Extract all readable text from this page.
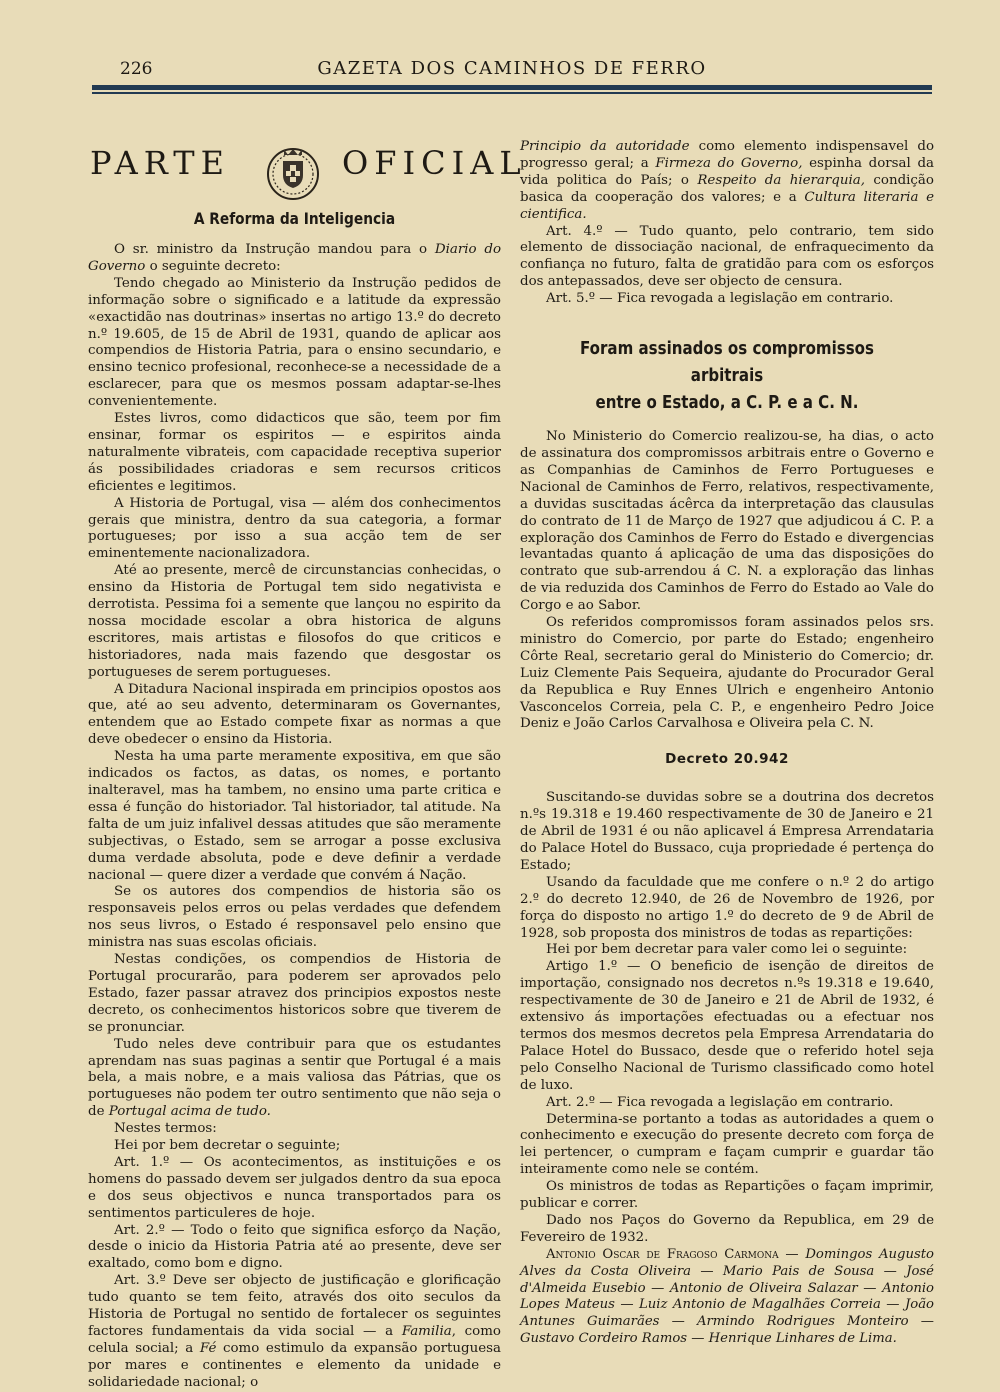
226	GAZETA DOS CAMINHOS DE FERRO
PARTE	OFICIAL
A Reforma da Inteligencia

O sr. ministro da Instrução mandou para o Diario do Governo o seguinte decreto:

Tendo chegado ao Ministerio da Instrução pedidos de informação sobre o significado e a latitude da expressão «exactidão nas doutrinas» insertas no artigo 13.º do decreto n.º 19.605, de 15 de Abril de 1931, quando de aplicar aos compendios de Historia Patria, para o ensino secundario, e ensino tecnico profesional, reconhece-se a necessidade de a esclarecer, para que os mesmos possam adaptar-se-lhes convenientemente.

Estes livros, como didacticos que são, teem por fim ensinar, formar os espiritos — e espiritos ainda naturalmente vibrateis, com capacidade receptiva superior ás possibilidades criadoras e sem recursos criticos eficientes e legitimos.

A Historia de Portugal, visa — além dos conhecimentos gerais que ministra, dentro da sua categoria, a formar portugueses; por isso a sua acção tem de ser eminentemente nacionalizadora.

Até ao presente, mercê de circunstancias conhecidas, o ensino da Historia de Portugal tem sido negativista e derrotista. Pessima foi a semente que lançou no espirito da nossa mocidade escolar a obra historica de alguns escritores, mais artistas e filosofos do que criticos e historiadores, nada mais fazendo que desgostar os portugueses de serem portugueses.

A Ditadura Nacional inspirada em principios opostos aos que, até ao seu advento, determinaram os Governantes, entendem que ao Estado compete fixar as normas a que deve obedecer o ensino da Historia.

Nesta ha uma parte meramente expositiva, em que são indicados os factos, as datas, os nomes, e portanto inalteravel, mas ha tambem, no ensino uma parte critica e essa é função do historiador. Tal historiador, tal atitude. Na falta de um juiz infalivel dessas atitudes que são meramente subjectivas, o Estado, sem se arrogar a posse exclusiva duma verdade absoluta, pode e deve definir a verdade nacional — quere dizer a verdade que convém á Nação.

Se os autores dos compendios de historia são os responsaveis pelos erros ou pelas verdades que defendem nos seus livros, o Estado é responsavel pelo ensino que ministra nas suas escolas oficiais.

Nestas condições, os compendios de Historia de Portugal procurarão, para poderem ser aprovados pelo Estado, fazer passar atravez dos principios expostos neste decreto, os conhecimentos historicos sobre que tiverem de se pronunciar.

Tudo neles deve contribuir para que os estudantes aprendam nas suas paginas a sentir que Portugal é a mais bela, a mais nobre, e a mais valiosa das Pátrias, que os portugueses não podem ter outro sentimento que não seja o de Portugal acima de tudo.

Nestes termos:

Hei por bem decretar o seguinte;

Art. 1.º — Os acontecimentos, as instituições e os homens do passado devem ser julgados dentro da sua epoca e dos seus objectivos e nunca transportados para os sentimentos particuleres de hoje.

Art. 2.º — Todo o feito que significa esforço da Nação, desde o inicio da Historia Patria até ao presente, deve ser exaltado, como bom e digno.

Art. 3.º Deve ser objecto de justificação e glorificação tudo quanto se tem feito, através dos oito seculos da Historia de Portugal no sentido de fortalecer os seguintes factores fundamentais da vida social — a Familia, como celula social; a Fé como estimulo da expansão portuguesa por mares e continentes e elemento da unidade e solidariedade nacional; o

Principio da autoridade como elemento indispensavel do progresso geral; a Firmeza do Governo, espinha dorsal da vida politica do País; o Respeito da hierarquia, condição basica da cooperação dos valores; e a Cultura literaria e cientifica.

Art. 4.º — Tudo quanto, pelo contrario, tem sido elemento de dissociação nacional, de enfraquecimento da confiança no futuro, falta de gratidão para com os esforços dos antepassados, deve ser objecto de censura.

Art. 5.º — Fica revogada a legislação em contrario.

Foram assinados os compromissos arbitrais
entre o Estado, a C. P. e a C. N.

No Ministerio do Comercio realizou-se, ha dias, o acto de assinatura dos compromissos arbitrais entre o Governo e as Companhias de Caminhos de Ferro Portugueses e Nacional de Caminhos de Ferro, relativos, respectivamente, a duvidas suscitadas ácêrca da interpretação das clausulas do contrato de 11 de Março de 1927 que adjudicou á C. P. a exploração dos Caminhos de Ferro do Estado e divergencias levantadas quanto á aplicação de uma das disposições do contrato que sub-arrendou á C. N. a exploração das linhas de via reduzida dos Caminhos de Ferro do Estado ao Vale do Corgo e ao Sabor.

Os referidos compromissos foram assinados pelos srs. ministro do Comercio, por parte do Estado; engenheiro Côrte Real, secretario geral do Ministerio do Comercio; dr. Luiz Clemente Pais Sequeira, ajudante do Procurador Geral da Republica e Ruy Ennes Ulrich e engenheiro Antonio Vasconcelos Correia, pela C. P., e engenheiro Pedro Joice Deniz e João Carlos Carvalhosa e Oliveira pela C. N.

Decreto 20.942

Suscitando-se duvidas sobre se a doutrina dos decretos n.ºs 19.318 e 19.460 respectivamente de 30 de Janeiro e 21 de Abril de 1931 é ou não aplicavel á Empresa Arrendataria do Palace Hotel do Bussaco, cuja propriedade é pertença do Estado;

Usando da faculdade que me confere o n.º 2 do artigo 2.º do decreto 12.940, de 26 de Novembro de 1926, por força do disposto no artigo 1.º do decreto de 9 de Abril de 1928, sob proposta dos ministros de todas as repartições:

Hei por bem decretar para valer como lei o seguinte:

Artigo 1.º — O beneficio de isenção de direitos de importação, consignado nos decretos n.ºs 19.318 e 19.640, respectivamente de 30 de Janeiro e 21 de Abril de 1932, é extensivo ás importações efectuadas ou a efectuar nos termos dos mesmos decretos pela Empresa Arrendataria do Palace Hotel do Bussaco, desde que o referido hotel seja pelo Conselho Nacional de Turismo classificado como hotel de luxo.

Art. 2.º — Fica revogada a legislação em contrario.

Determina-se portanto a todas as autoridades a quem o conhecimento e execução do presente decreto com força de lei pertencer, o cumpram e façam cumprir e guardar tão inteiramente como nele se contém.

Os ministros de todas as Repartições o façam imprimir, publicar e correr.

Dado nos Paços do Governo da Republica, em 29 de Fevereiro de 1932.

Antonio Oscar de Fragoso Carmona — Domingos Augusto Alves da Costa Oliveira — Mario Pais de Sousa — José d'Almeida Eusebio — Antonio de Oliveira Salazar — Antonio Lopes Mateus — Luiz Antonio de Magalhães Correia — João Antunes Guimarães — Armindo Rodrigues Monteiro — Gustavo Cordeiro Ramos — Henrique Linhares de Lima.
